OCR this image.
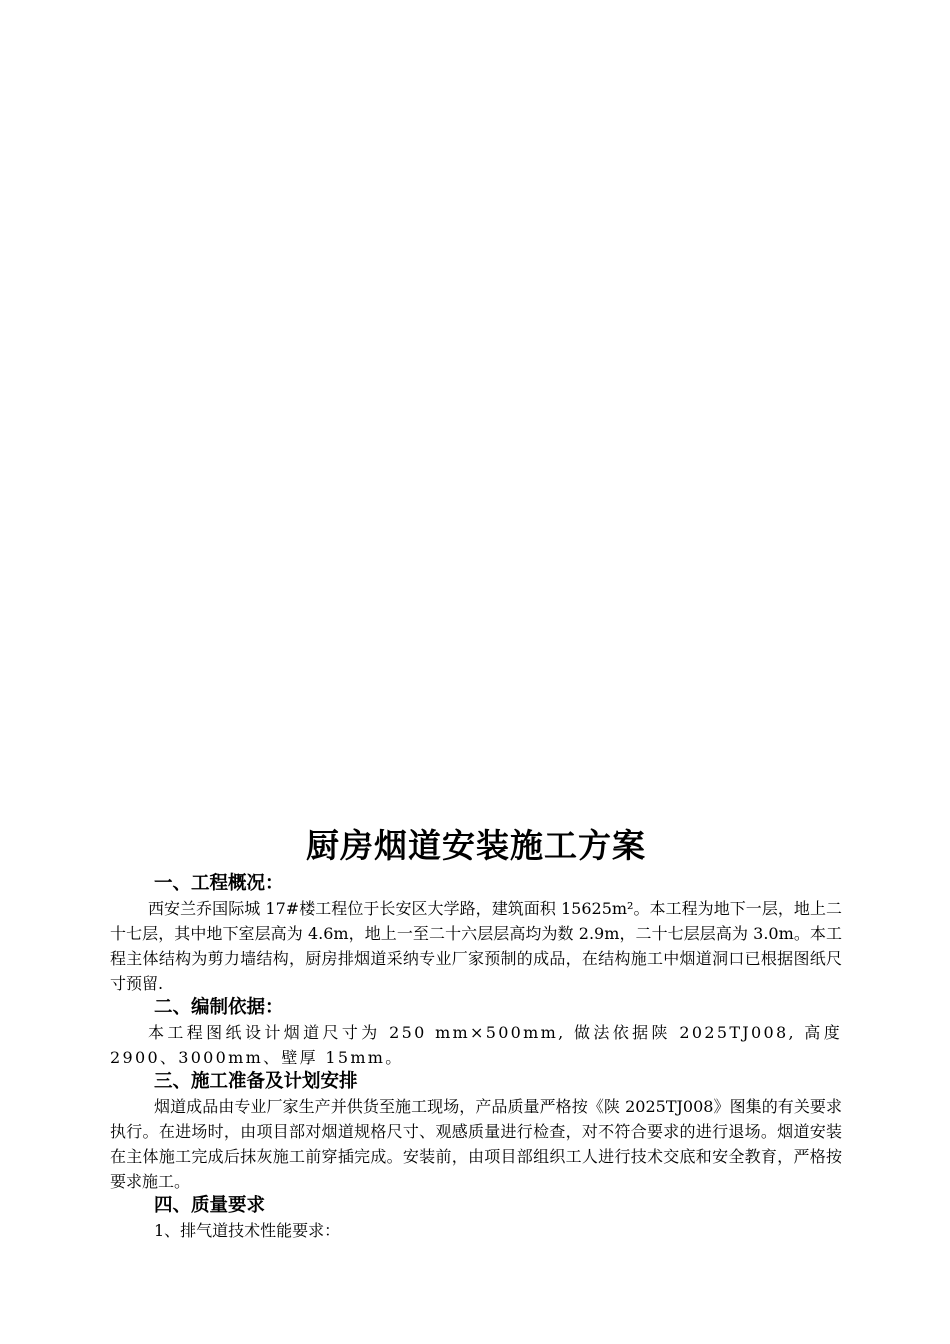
厨房烟道安装施工方案
一、工程概况：

西安兰乔国际城 17#楼工程位于长安区大学路，建筑面积 15625m²。本工程为地下一层，地上二十七层，其中地下室层高为 4.6m，地上一至二十六层层高均为数 2.9m，二十七层层高为 3.0m。本工程主体结构为剪力墙结构，厨房排烟道采纳专业厂家预制的成品，在结构施工中烟道洞口已根据图纸尺寸预留.

二、编制依据：

本工程图纸设计烟道尺寸为 250 mm×500mm, 做法依据陕 2025TJ008, 高度 2900、3000mm、壁厚 15mm。

三、施工准备及计划安排

烟道成品由专业厂家生产并供货至施工现场，产品质量严格按《陕 2025TJ008》图集的有关要求执行。在进场时，由项目部对烟道规格尺寸、观感质量进行检查，对不符合要求的进行退场。烟道安装在主体施工完成后抹灰施工前穿插完成。安装前，由项目部组织工人进行技术交底和安全教育，严格按要求施工。

四、质量要求

1、排气道技术性能要求：
